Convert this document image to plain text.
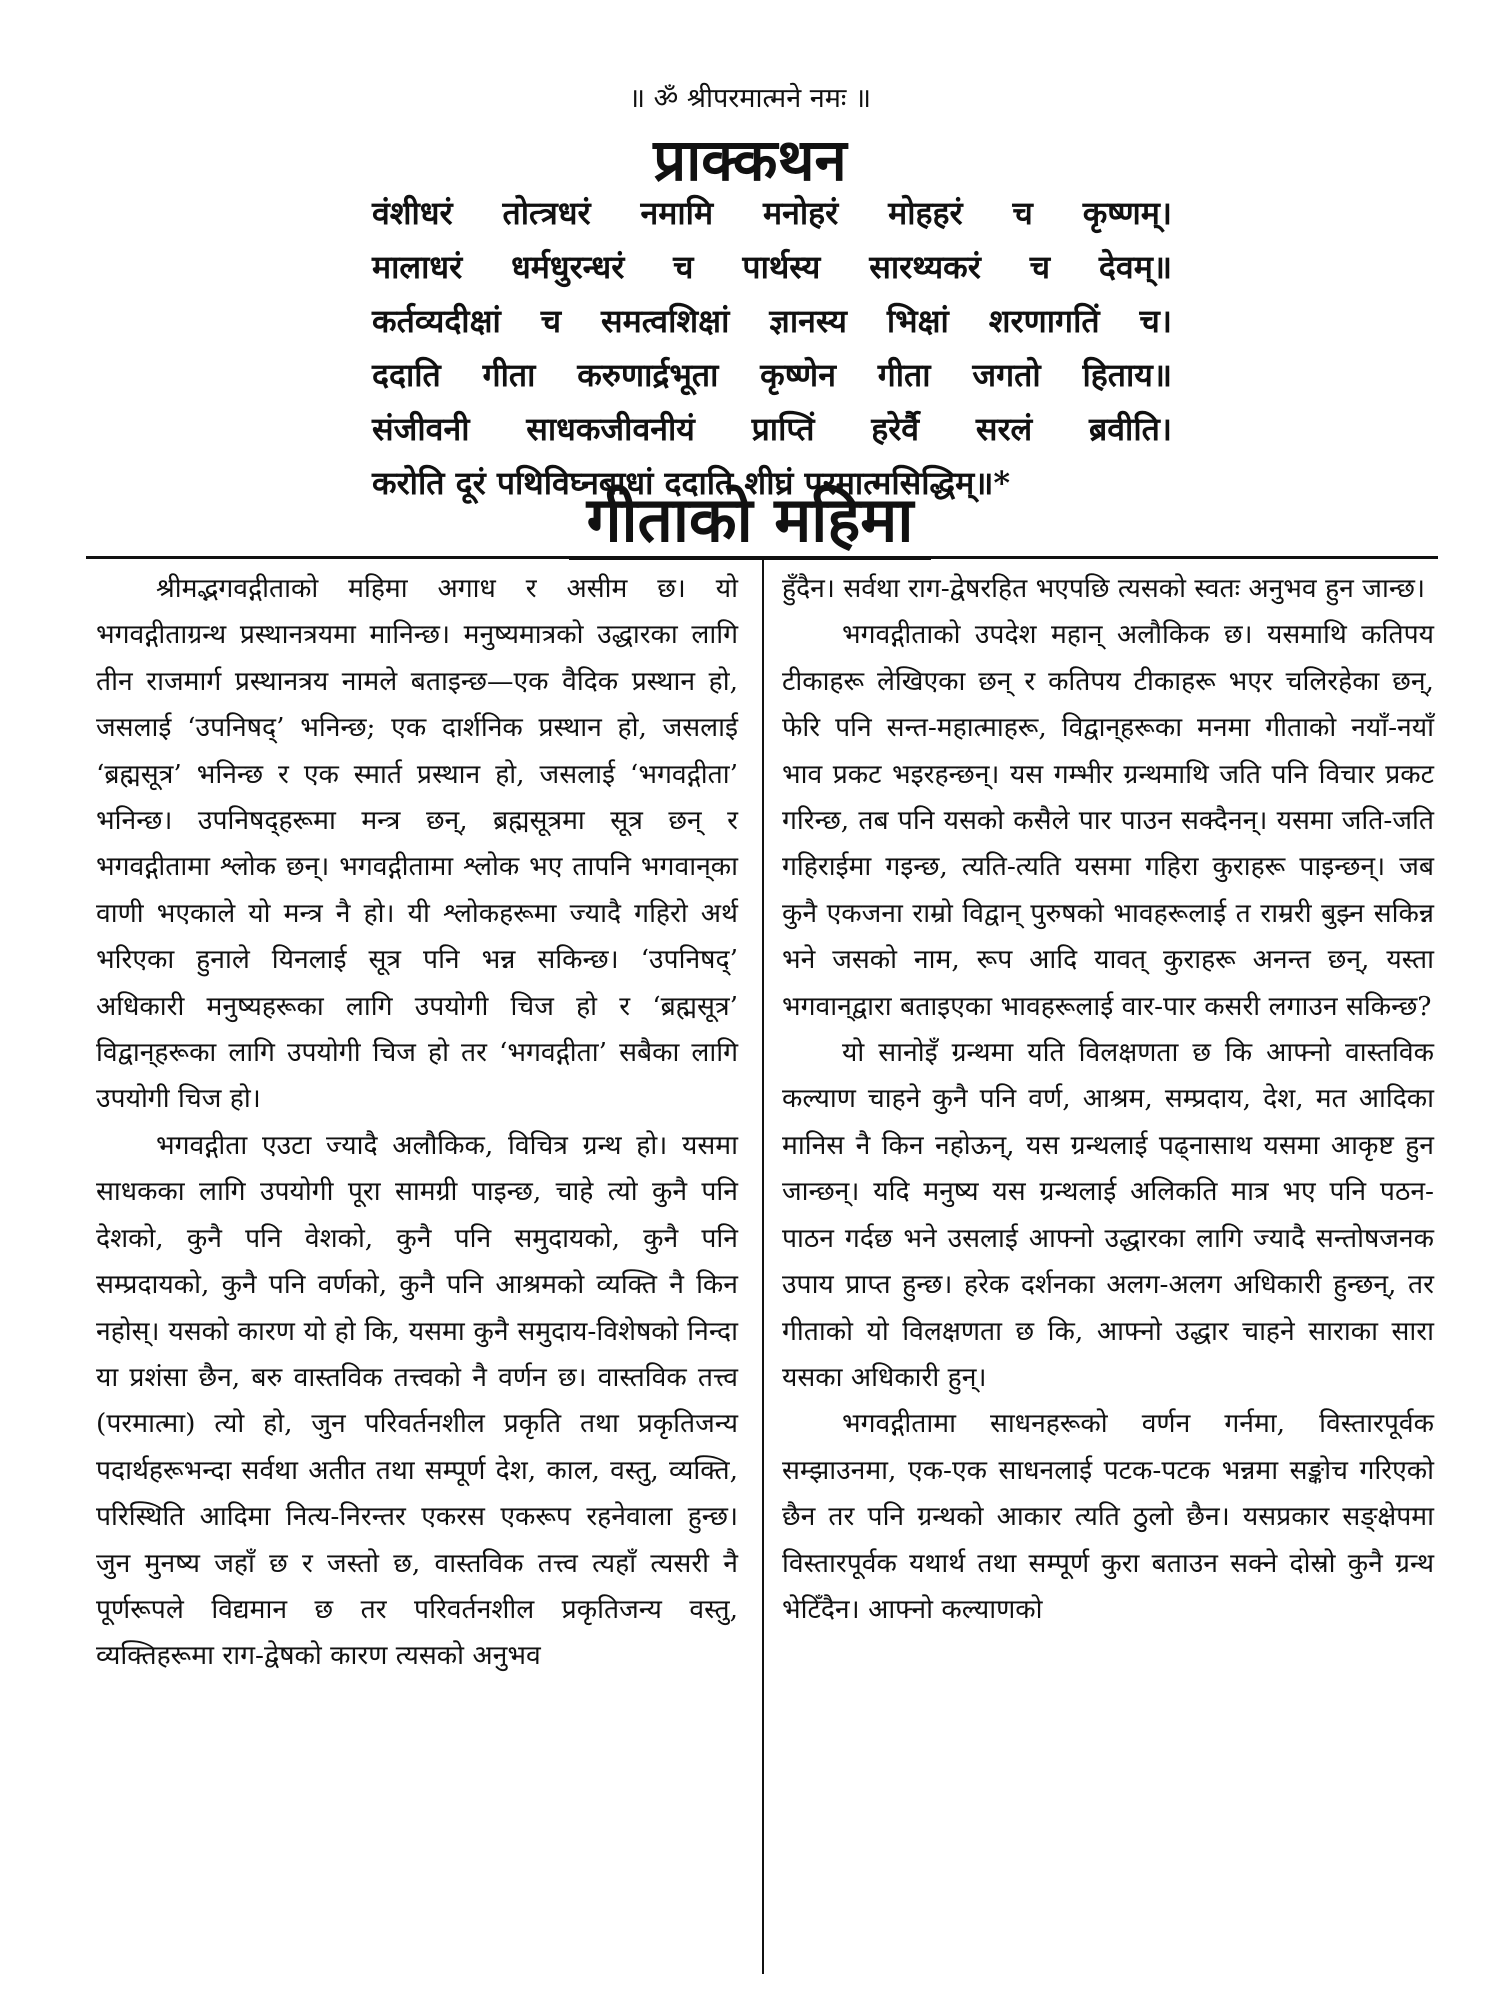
॥ ॐ श्रीपरमात्मने नमः ॥
प्राक्कथन
वंशीधरं तोत्त्रधरं नमामि मनोहरं मोहहरं च कृष्णम्।
मालाधरं धर्मधुरन्धरं च पार्थस्य सारथ्यकरं च देवम्॥
कर्तव्यदीक्षां च समत्वशिक्षां ज्ञानस्य भिक्षां शरणागतिं च।
ददाति गीता करुणार्द्रभूता कृष्णेन गीता जगतो हिताय॥
संजीवनी साधकजीवनीयं प्राप्तिं हरेर्वै सरलं ब्रवीति।
करोति दूरं पथिविघ्नबाधां ददाति शीघ्रं परमात्मसिद्धिम्॥*
गीताको महिमा

श्रीमद्भगवद्गीताको महिमा अगाध र असीम छ। यो भगवद्गीताग्रन्थ प्रस्थानत्रयमा मानिन्छ। मनुष्यमात्रको उद्धारका लागि तीन राजमार्ग प्रस्थानत्रय नामले बताइन्छ—एक वैदिक प्रस्थान हो, जसलाई ‘उपनिषद्’ भनिन्छ; एक दार्शनिक प्रस्थान हो, जसलाई ‘ब्रह्मसूत्र’ भनिन्छ र एक स्मार्त प्रस्थान हो, जसलाई ‘भगवद्गीता’ भनिन्छ। उपनिषद्हरूमा मन्त्र छन्, ब्रह्मसूत्रमा सूत्र छन् र भगवद्गीतामा श्लोक छन्। भगवद्गीतामा श्लोक भए तापनि भगवान्‌का वाणी भएकाले यो मन्त्र नै हो। यी श्लोकहरूमा ज्यादै गहिरो अर्थ भरिएका हुनाले यिनलाई सूत्र पनि भन्न सकिन्छ। ‘उपनिषद्’ अधिकारी मनुष्यहरूका लागि उपयोगी चिज हो र ‘ब्रह्मसूत्र’ विद्वान्‌हरूका लागि उपयोगी चिज हो तर ‘भगवद्गीता’ सबैका लागि उपयोगी चिज हो।

भगवद्गीता एउटा ज्यादै अलौकिक, विचित्र ग्रन्थ हो। यसमा साधकका लागि उपयोगी पूरा सामग्री पाइन्छ, चाहे त्यो कुनै पनि देशको, कुनै पनि वेशको, कुनै पनि समुदायको, कुनै पनि सम्प्रदायको, कुनै पनि वर्णको, कुनै पनि आश्रमको व्यक्ति नै किन नहोस्। यसको कारण यो हो कि, यसमा कुनै समुदाय-विशेषको निन्दा या प्रशंसा छैन, बरु वास्तविक तत्त्वको नै वर्णन छ। वास्तविक तत्त्व (परमात्मा) त्यो हो, जुन परिवर्तनशील प्रकृति तथा प्रकृतिजन्य पदार्थहरूभन्दा सर्वथा अतीत तथा सम्पूर्ण देश, काल, वस्तु, व्यक्ति, परिस्थिति आदिमा नित्य-निरन्तर एकरस एकरूप रहनेवाला हुन्छ। जुन मुनष्य जहाँ छ र जस्तो छ, वास्तविक तत्त्व त्यहाँ त्यसरी नै पूर्णरूपले विद्यमान छ तर परिवर्तनशील प्रकृतिजन्य वस्तु, व्यक्तिहरूमा राग-द्वेषको कारण त्यसको अनुभव

हुँदैन। सर्वथा राग-द्वेषरहित भएपछि त्यसको स्वतः अनुभव हुन जान्छ।

भगवद्गीताको उपदेश महान् अलौकिक छ। यसमाथि कतिपय टीकाहरू लेखिएका छन् र कतिपय टीकाहरू भएर चलिरहेका छन्, फेरि पनि सन्त-महात्माहरू, विद्वान्‌हरूका मनमा गीताको नयाँ-नयाँ भाव प्रकट भइरहन्छन्। यस गम्भीर ग्रन्थमाथि जति पनि विचार प्रकट गरिन्छ, तब पनि यसको कसैले पार पाउन सक्दैनन्। यसमा जति-जति गहिराईमा गइन्छ, त्यति-त्यति यसमा गहिरा कुराहरू पाइन्छन्। जब कुनै एकजना राम्रो विद्वान् पुरुषको भावहरूलाई त राम्ररी बुझ्न सकिन्न भने जसको नाम, रूप आदि यावत् कुराहरू अनन्त छन्, यस्ता भगवान्‌द्वारा बताइएका भावहरूलाई वार-पार कसरी लगाउन सकिन्छ?

यो सानोइँ ग्रन्थमा यति विलक्षणता छ कि आफ्नो वास्तविक कल्याण चाहने कुनै पनि वर्ण, आश्रम, सम्प्रदाय, देश, मत आदिका मानिस नै किन नहोऊन्, यस ग्रन्थलाई पढ्नासाथ यसमा आकृष्ट हुन जान्छन्। यदि मनुष्य यस ग्रन्थलाई अलिकति मात्र भए पनि पठन-पाठन गर्दछ भने उसलाई आफ्नो उद्धारका लागि ज्यादै सन्तोषजनक उपाय प्राप्त हुन्छ। हरेक दर्शनका अलग-अलग अधिकारी हुन्छन्, तर गीताको यो विलक्षणता छ कि, आफ्नो उद्धार चाहने साराका सारा यसका अधिकारी हुन्।

भगवद्गीतामा साधनहरूको वर्णन गर्नमा, विस्तारपूर्वक सम्झाउनमा, एक-एक साधनलाई पटक-पटक भन्नमा सङ्कोच गरिएको छैन तर पनि ग्रन्थको आकार त्यति ठुलो छैन। यसप्रकार सङ्क्षेपमा विस्तारपूर्वक यथार्थ तथा सम्पूर्ण कुरा बताउन सक्ने दोस्रो कुनै ग्रन्थ भेटिँदैन। आफ्नो कल्याणको
